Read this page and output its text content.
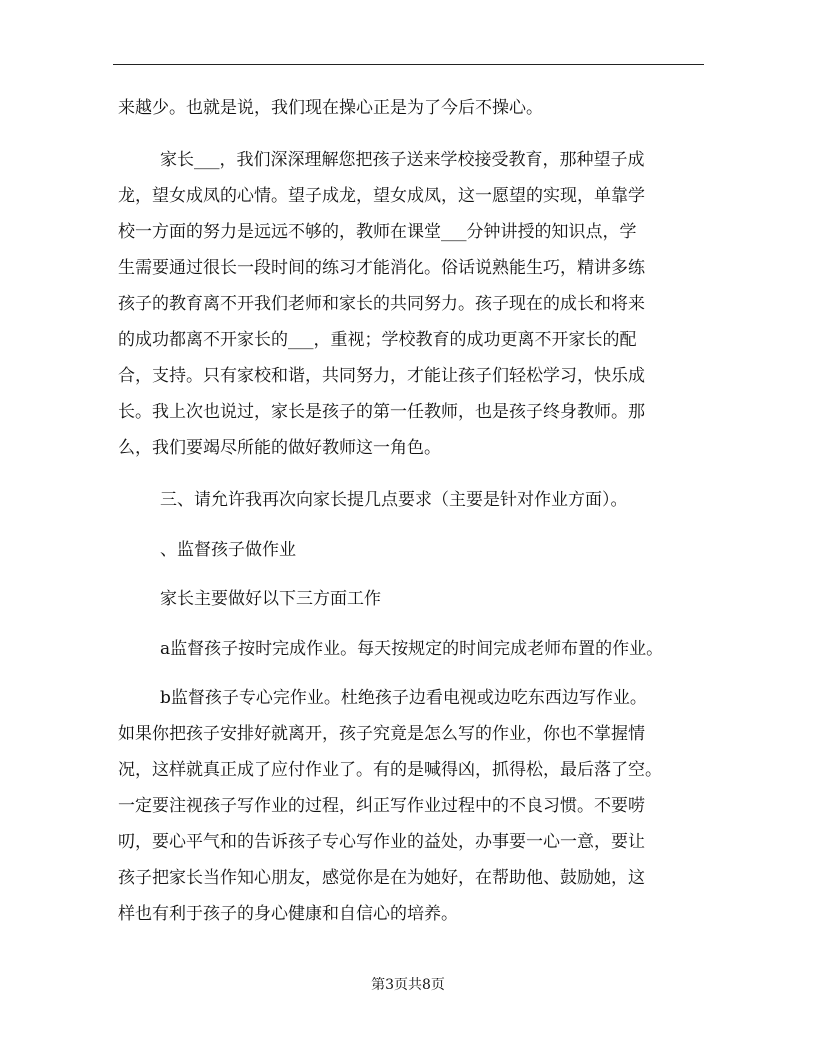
来越少。也就是说，我们现在操心正是为了今后不操心。

家长___，我们深深理解您把孩子送来学校接受教育，那种望子成

龙，望女成凤的心情。望子成龙，望女成凤，这一愿望的实现，单靠学

校一方面的努力是远远不够的，教师在课堂___分钟讲授的知识点，学

生需要通过很长一段时间的练习才能消化。俗话说熟能生巧，精讲多练

孩子的教育离不开我们老师和家长的共同努力。孩子现在的成长和将来

的成功都离不开家长的___，重视；学校教育的成功更离不开家长的配

合，支持。只有家校和谐，共同努力，才能让孩子们轻松学习，快乐成

长。我上次也说过，家长是孩子的第一任教师，也是孩子终身教师。那

么，我们要竭尽所能的做好教师这一角色。

三、请允许我再次向家长提几点要求（主要是针对作业方面）。

、监督孩子做作业

家长主要做好以下三方面工作

a监督孩子按时完成作业。每天按规定的时间完成老师布置的作业。

b监督孩子专心完作业。杜绝孩子边看电视或边吃东西边写作业。

如果你把孩子安排好就离开，孩子究竟是怎么写的作业，你也不掌握情

况，这样就真正成了应付作业了。有的是喊得凶，抓得松，最后落了空。

一定要注视孩子写作业的过程，纠正写作业过程中的不良习惯。不要唠

叨，要心平气和的告诉孩子专心写作业的益处，办事要一心一意，要让

孩子把家长当作知心朋友，感觉你是在为她好，在帮助他、鼓励她，这

样也有利于孩子的身心健康和自信心的培养。

第3页共8页
